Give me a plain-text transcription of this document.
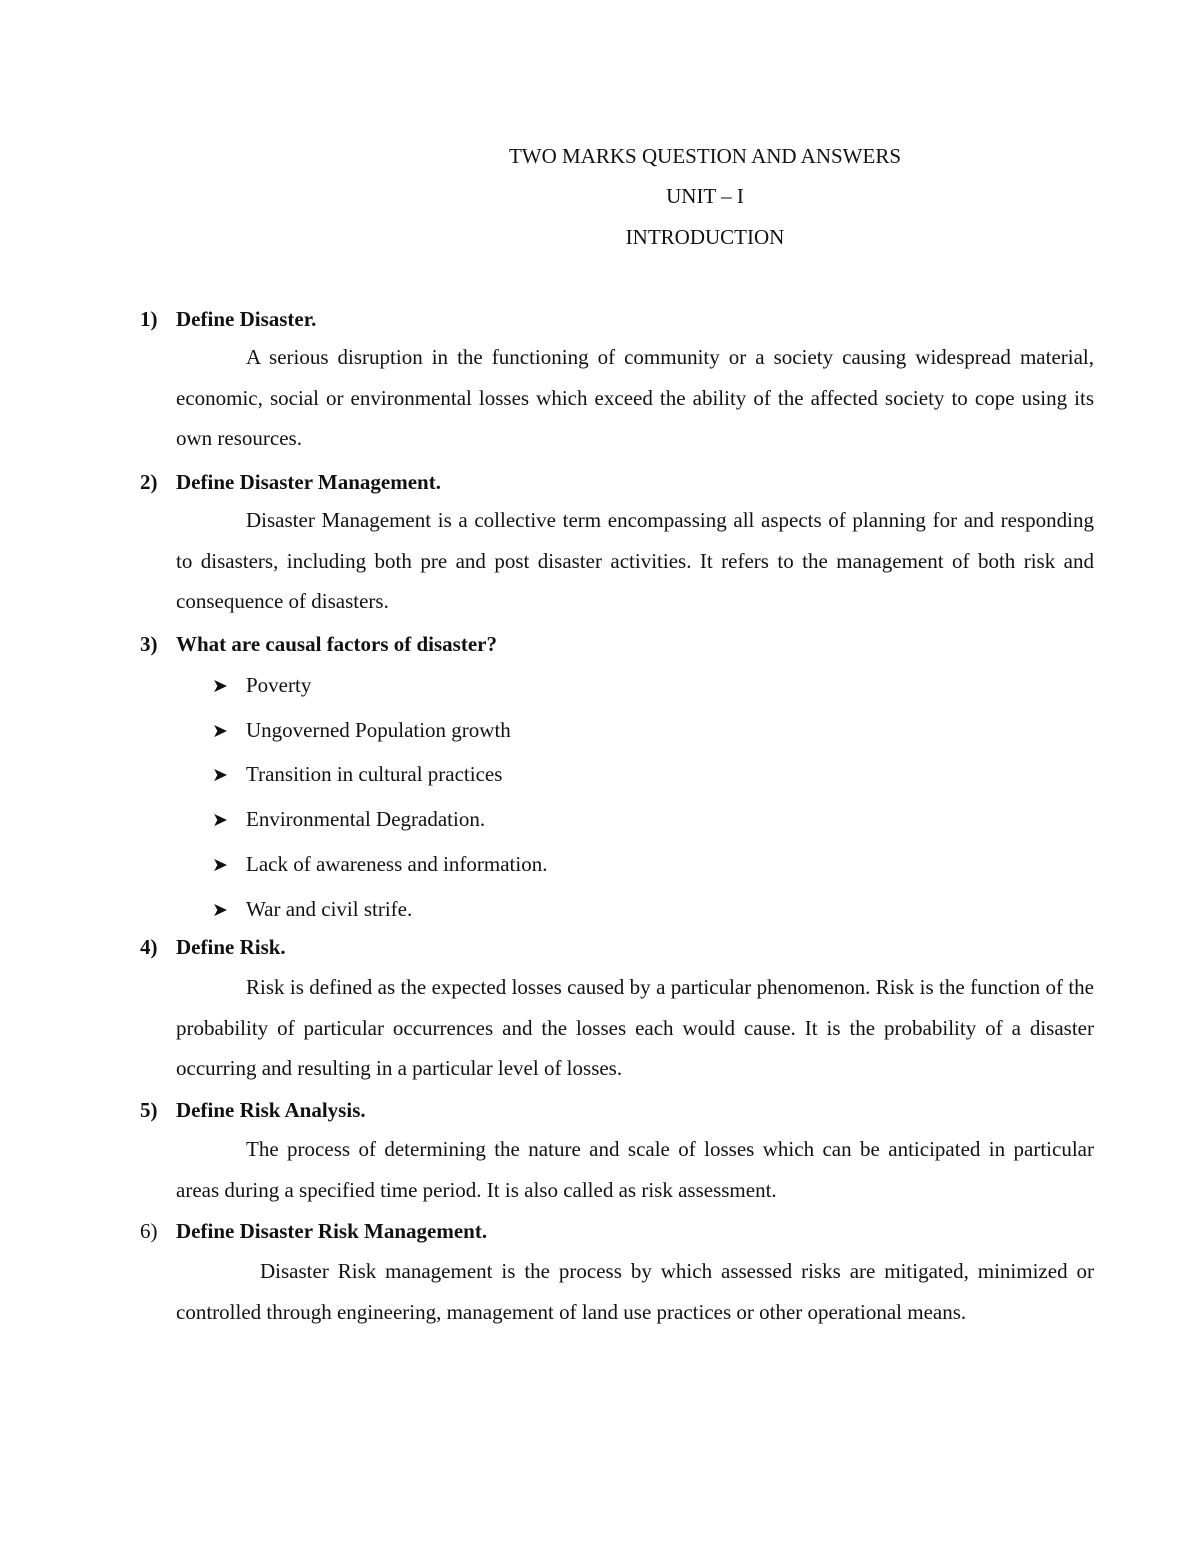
TWO MARKS QUESTION AND ANSWERS
UNIT – I
INTRODUCTION
1) Define Disaster.

A serious disruption in the functioning of community or a society causing widespread material, economic, social or environmental losses which exceed the ability of the affected society to cope using its own resources.

2) Define Disaster Management.

Disaster Management is a collective term encompassing all aspects of planning for and responding to disasters, including both pre and post disaster activities. It refers to the management of both risk and consequence of disasters.

3) What are causal factors of disaster?
➤ Poverty
➤ Ungoverned Population growth
➤ Transition in cultural practices
➤ Environmental Degradation.
➤ Lack of awareness and information.
➤ War and civil strife.
4) Define Risk.

Risk is defined as the expected losses caused by a particular phenomenon. Risk is the function of the probability of particular occurrences and the losses each would cause. It is the probability of a disaster occurring and resulting in a particular level of losses.

5) Define Risk Analysis.

The process of determining the nature and scale of losses which can be anticipated in particular areas during a specified time period. It is also called as risk assessment.

6) Define Disaster Risk Management.

Disaster Risk management is the process by which assessed risks are mitigated, minimized or controlled through engineering, management of land use practices or other operational means.
